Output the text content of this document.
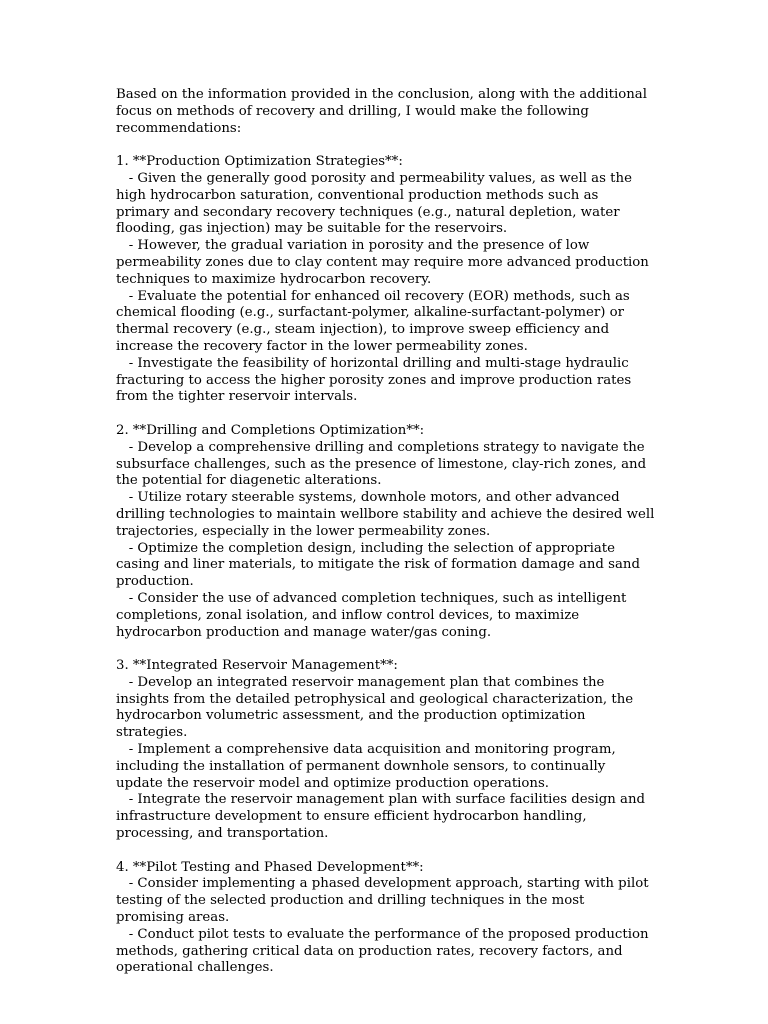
Based on the information provided in the conclusion, along with the additional focus on methods of recovery and drilling, I would make the following recommendations:

1. **Production Optimization Strategies**:

- Given the generally good porosity and permeability values, as well as the high hydrocarbon saturation, conventional production methods such as primary and secondary recovery techniques (e.g., natural depletion, water flooding, gas injection) may be suitable for the reservoirs.

- However, the gradual variation in porosity and the presence of low permeability zones due to clay content may require more advanced production techniques to maximize hydrocarbon recovery.

- Evaluate the potential for enhanced oil recovery (EOR) methods, such as chemical flooding (e.g., surfactant-polymer, alkaline-surfactant-polymer) or thermal recovery (e.g., steam injection), to improve sweep efficiency and increase the recovery factor in the lower permeability zones.

- Investigate the feasibility of horizontal drilling and multi-stage hydraulic fracturing to access the higher porosity zones and improve production rates from the tighter reservoir intervals.

2. **Drilling and Completions Optimization**:

- Develop a comprehensive drilling and completions strategy to navigate the subsurface challenges, such as the presence of limestone, clay-rich zones, and the potential for diagenetic alterations.

- Utilize rotary steerable systems, downhole motors, and other advanced drilling technologies to maintain wellbore stability and achieve the desired well trajectories, especially in the lower permeability zones.

- Optimize the completion design, including the selection of appropriate casing and liner materials, to mitigate the risk of formation damage and sand production.

- Consider the use of advanced completion techniques, such as intelligent completions, zonal isolation, and inflow control devices, to maximize hydrocarbon production and manage water/gas coning.

3. **Integrated Reservoir Management**:

- Develop an integrated reservoir management plan that combines the insights from the detailed petrophysical and geological characterization, the hydrocarbon volumetric assessment, and the production optimization strategies.

- Implement a comprehensive data acquisition and monitoring program, including the installation of permanent downhole sensors, to continually update the reservoir model and optimize production operations.

- Integrate the reservoir management plan with surface facilities design and infrastructure development to ensure efficient hydrocarbon handling, processing, and transportation.

4. **Pilot Testing and Phased Development**:

- Consider implementing a phased development approach, starting with pilot testing of the selected production and drilling techniques in the most promising areas.

- Conduct pilot tests to evaluate the performance of the proposed production methods, gathering critical data on production rates, recovery factors, and operational challenges.
